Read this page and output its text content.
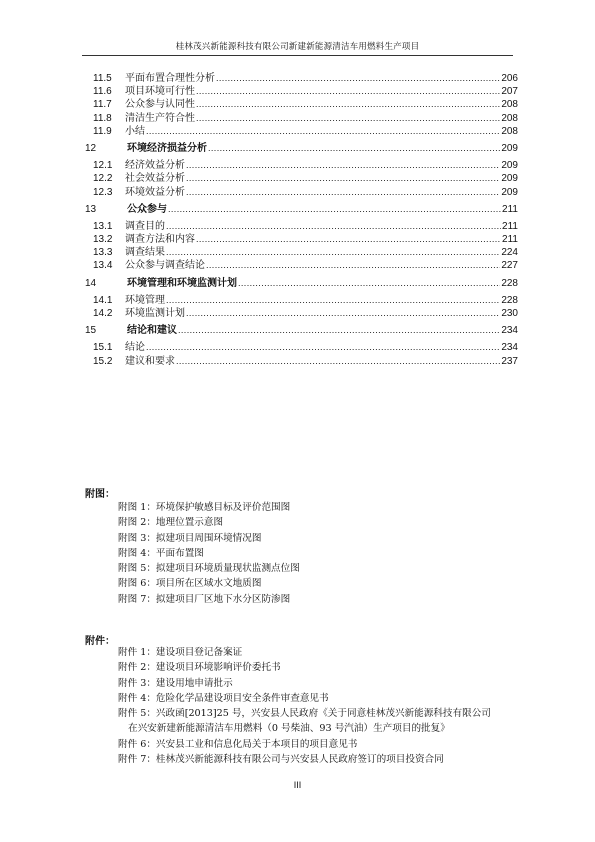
桂林茂兴新能源科技有限公司新建新能源清洁车用燃料生产项目
11.5	平面布置合理性分析 .....	206
11.6	项目环境可行性 .....	207
11.7	公众参与认同性 .....	208
11.8	清洁生产符合性 .....	208
11.9	小结 .....	208
12	环境经济损益分析 .....	209
12.1	经济效益分析 .....	209
12.2	社会效益分析 .....	209
12.3	环境效益分析 .....	209
13	公众参与 .....	211
13.1	调查目的 .....	211
13.2	调查方法和内容 .....	211
13.3	调查结果 .....	224
13.4	公众参与调查结论 .....	227
14	环境管理和环境监测计划 .....	228
14.1	环境管理 .....	228
14.2	环境监测计划 .....	230
15	结论和建议 .....	234
15.1	结论 .....	234
15.2	建议和要求 .....	237
附图：
附图 1：环境保护敏感目标及评价范围图
附图 2：地理位置示意图
附图 3：拟建项目周围环境情况图
附图 4：平面布置图
附图 5：拟建项目环境质量现状监测点位图
附图 6：项目所在区域水文地质图
附图 7：拟建项目厂区地下水分区防渗图
附件：
附件 1：建设项目登记备案证
附件 2：建设项目环境影响评价委托书
附件 3：建设用地申请批示
附件 4：危险化学品建设项目安全条件审查意见书
附件 5：兴政函[2013]25 号，兴安县人民政府《关于同意桂林茂兴新能源科技有限公司
在兴安新建新能源清洁车用燃料（0 号柴油、93 号汽油）生产项目的批复》
附件 6：兴安县工业和信息化局关于本项目的项目意见书
附件 7：桂林茂兴新能源科技有限公司与兴安县人民政府签订的项目投资合同
III
